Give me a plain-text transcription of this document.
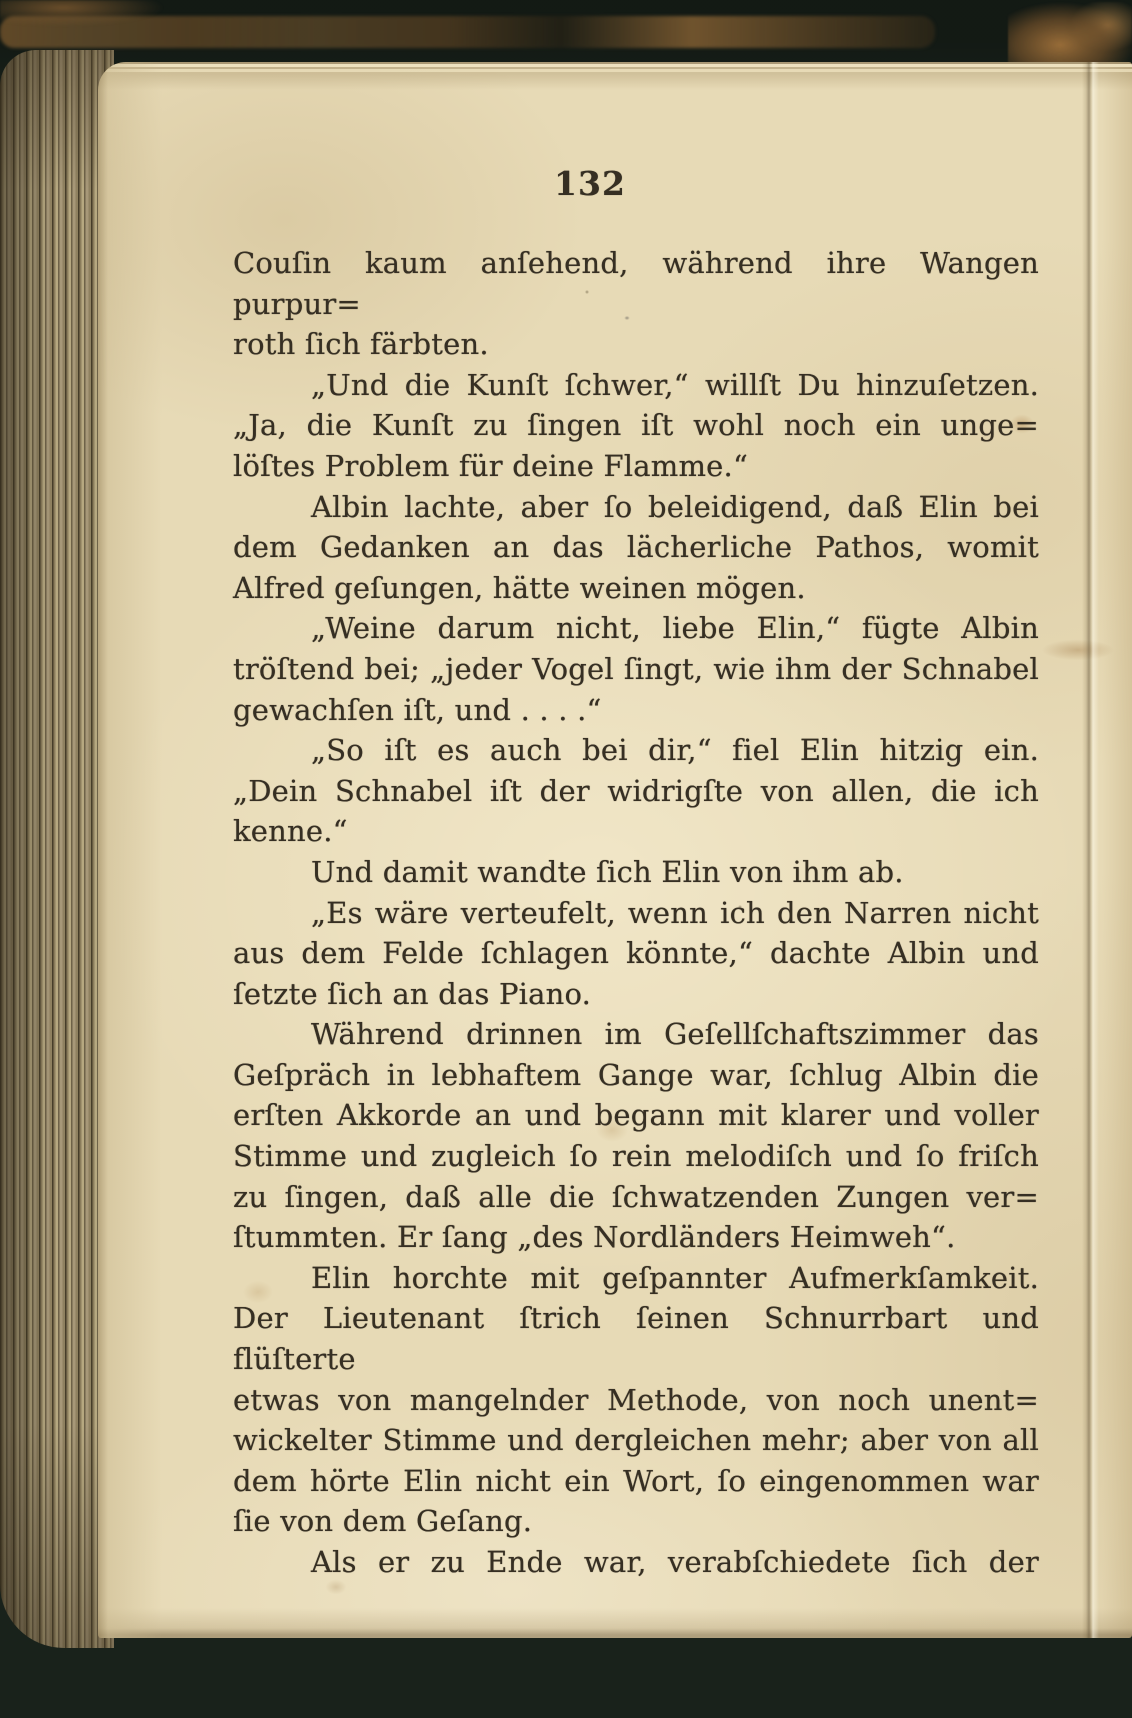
132
Couſin kaum anſehend, während ihre Wangen purpur=
roth ſich färbten.
„Und die Kunſt ſchwer,“ willſt Du hinzuſetzen.
„Ja, die Kunſt zu ſingen iſt wohl noch ein unge=
löſtes Problem für deine Flamme.“
Albin lachte, aber ſo beleidigend, daß Elin bei
dem Gedanken an das lächerliche Pathos, womit
Alfred geſungen, hätte weinen mögen.
„Weine darum nicht, liebe Elin,“ fügte Albin
tröſtend bei; „jeder Vogel ſingt, wie ihm der Schnabel
gewachſen iſt, und . . . .“
„So iſt es auch bei dir,“ fiel Elin hitzig ein.
„Dein Schnabel iſt der widrigſte von allen, die ich
kenne.“
Und damit wandte ſich Elin von ihm ab.
„Es wäre verteufelt, wenn ich den Narren nicht
aus dem Felde ſchlagen könnte,“ dachte Albin und
ſetzte ſich an das Piano.
Während drinnen im Geſellſchaftszimmer das
Geſpräch in lebhaftem Gange war, ſchlug Albin die
erſten Akkorde an und begann mit klarer und voller
Stimme und zugleich ſo rein melodiſch und ſo friſch
zu ſingen, daß alle die ſchwatzenden Zungen ver=
ſtummten. Er ſang „des Nordländers Heimweh“.
Elin horchte mit geſpannter Aufmerkſamkeit.
Der Lieutenant ſtrich ſeinen Schnurrbart und flüſterte
etwas von mangelnder Methode, von noch unent=
wickelter Stimme und dergleichen mehr; aber von all
dem hörte Elin nicht ein Wort, ſo eingenommen war
ſie von dem Geſang.
Als er zu Ende war, verabſchiedete ſich der
